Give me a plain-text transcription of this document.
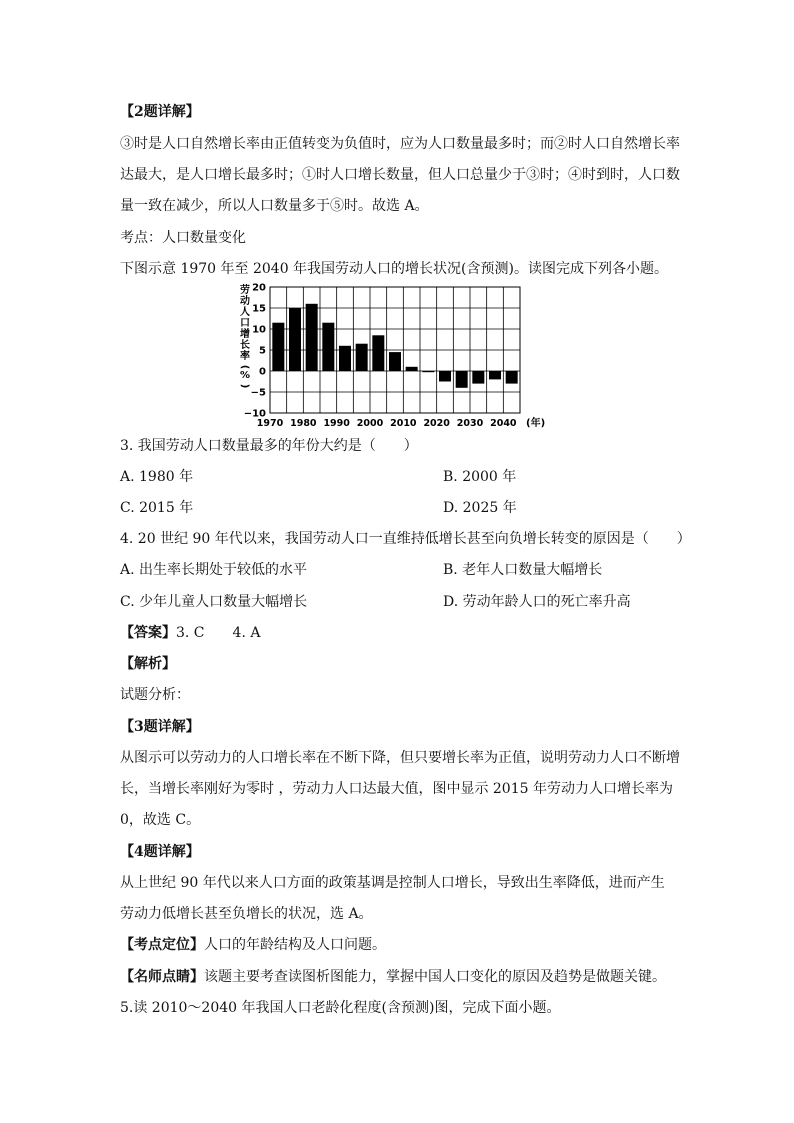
【2题详解】
③时是人口自然增长率由正值转变为负值时，应为人口数量最多时；而②时人口自然增长率
达最大，是人口增长最多时；①时人口增长数量，但人口总量少于③时；④时到时，人口数
量一致在减少，所以人口数量多于⑤时。故选 A。
考点：人口数量变化
下图示意 1970 年至 2040 年我国劳动人口的增长状况(含预测)。读图完成下列各小题。
劳
动
人
口
增
长
率
(
%
)
20
15
10
5
0
−5
−10
1970 1980 1990 2000 2010 2020 2030 2040 (年)
3. 我国劳动人口数量最多的年份大约是（　　）
A. 1980 年	B. 2000 年
C. 2015 年	D. 2025 年
4. 20 世纪 90 年代以来，我国劳动人口一直维持低增长甚至向负增长转变的原因是（　　）
A. 出生率长期处于较低的水平	B. 老年人口数量大幅增长
C. 少年儿童人口数量大幅增长	D. 劳动年龄人口的死亡率升高
【答案】3. C 4. A
【解析】
试题分析：
【3题详解】
从图示可以劳动力的人口增长率在不断下降，但只要增长率为正值，说明劳动力人口不断增
长，当增长率刚好为零时 ，劳动力人口达最大值，图中显示 2015 年劳动力人口增长率为
0，故选 C。
【4题详解】
从上世纪 90 年代以来人口方面的政策基调是控制人口增长，导致出生率降低，进而产生
劳动力低增长甚至负增长的状况，选 A。
【考点定位】人口的年龄结构及人口问题。
【名师点睛】该题主要考查读图析图能力，掌握中国人口变化的原因及趋势是做题关键。
5.读 2010～2040 年我国人口老龄化程度(含预测)图，完成下面小题。
